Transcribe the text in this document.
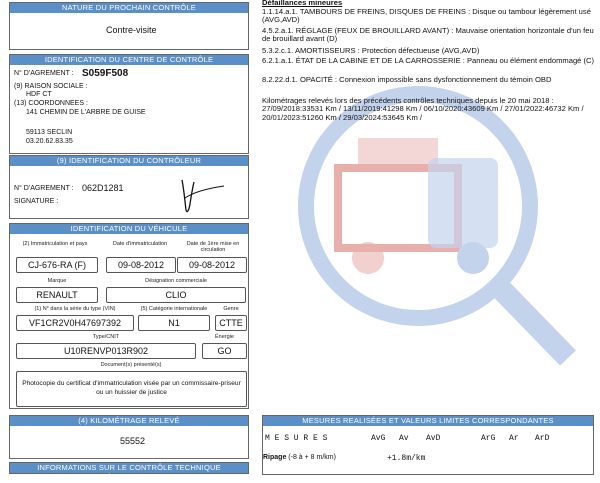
NATURE DU PROCHAIN CONTRÔLE
Contre-visite
IDENTIFICATION DU CENTRE DE CONTRÔLE
N° D'AGREMENT : S059F508
(9) RAISON SOCIALE :
HDF CT
(13) COORDONNEES :
141 CHEMIN DE L'ARBRE DE GUISE
59113 SECLIN
03.20.62.83.35
(9) IDENTIFICATION DU CONTRÔLEUR
N° D'AGREMENT : 062D1281
SIGNATURE :
IDENTIFICATION DU VÉHICULE
(2) Immatriculation et pays	Date d'immatriculation	Date de 1ère mise en circulation
CJ-676-RA (F)	09-08-2012	09-08-2012
Marque	Désignation commerciale
RENAULT	CLIO
(1) N° dans la série du type (VIN)	(5) Catégorie internationale	Genre
VF1CR2V0H47697392	N1	CTTE
Type/CNIT	Énergie
U10RENVP013R902	GO
Document(s) présenté(s)
Photocopie du certificat d'immatriculation visée par un commissaire-priseur ou un huissier de justice
(4) KILOMÉTRAGE RELEVÉ
55552
INFORMATIONS SUR LE CONTRÔLE TECHNIQUE DÉFAVORABLE
Défaillances mineures
1.1.14.a.1. TAMBOURS DE FREINS, DISQUES DE FREINS : Disque ou tambour légèrement usé (AVG,AVD)
4.5.2.a.1. RÉGLAGE (FEUX DE BROUILLARD AVANT) : Mauvaise orientation horizontale d'un feu de brouillard avant (D)
5.3.2.c.1. AMORTISSEURS : Protection défectueuse (AVG,AVD)
6.2.1.a.1. ÉTAT DE LA CABINE ET DE LA CARROSSERIE : Panneau ou élément endommagé (C)
8.2.22.d.1. OPACITÉ : Connexion impossible sans dysfonctionnement du témoin OBD
Kilométrages relevés lors des précédents contrôles techniques depuis le 20 mai 2018 : 27/09/2018:33531 Km / 13/11/2019:41298 Km / 06/10/2020:43609 Km / 27/01/2022:46732 Km / 20/01/2023:51260 Km / 29/03/2024:53645 Km /
MESURES REALISÉES ET VALEURS LIMITES CORRESPONDANTES
M E S U R E S	AvG Av AvD	ArG Ar ArD
Ripage (-8 à + 8 m/km)	+1.8m/km
